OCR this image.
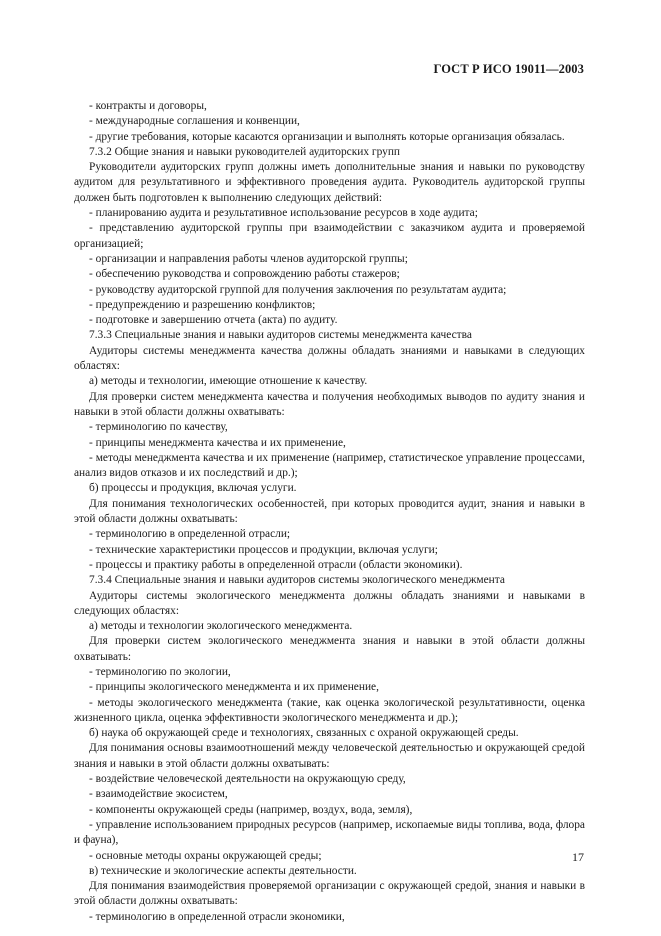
ГОСТ Р ИСО 19011—2003

- контракты и договоры,

- международные соглашения и конвенции,

- другие требования, которые касаются организации и выполнять которые организация обязалась.

7.3.2 Общие знания и навыки руководителей аудиторских групп

Руководители аудиторских групп должны иметь дополнительные знания и навыки по руководству аудитом для результативного и эффективного проведения аудита. Руководитель аудиторской группы должен быть подготовлен к выполнению следующих действий:

- планированию аудита и результативное использование ресурсов в ходе аудита;

- представлению аудиторской группы при взаимодействии с заказчиком аудита и проверяемой организацией;

- организации и направления работы членов аудиторской группы;

- обеспечению руководства и сопровождению работы стажеров;

- руководству аудиторской группой для получения заключения по результатам аудита;

- предупреждению и разрешению конфликтов;

- подготовке и завершению отчета (акта) по аудиту.

7.3.3 Специальные знания и навыки аудиторов системы менеджмента качества

Аудиторы системы менеджмента качества должны обладать знаниями и навыками в следующих областях:

а) методы и технологии, имеющие отношение к качеству.

Для проверки систем менеджмента качества и получения необходимых выводов по аудиту знания и навыки в этой области должны охватывать:

- терминологию по качеству,

- принципы менеджмента качества и их применение,

- методы менеджмента качества и их применение (например, статистическое управление процессами, анализ видов отказов и их последствий и др.);

б) процессы и продукция, включая услуги.

Для понимания технологических особенностей, при которых проводится аудит, знания и навыки в этой области должны охватывать:

- терминологию в определенной отрасли;

- технические характеристики процессов и продукции, включая услуги;

- процессы и практику работы в определенной отрасли (области экономики).

7.3.4 Специальные знания и навыки аудиторов системы экологического менеджмента

Аудиторы системы экологического менеджмента должны обладать знаниями и навыками в следующих областях:

а) методы и технологии экологического менеджмента.

Для проверки систем экологического менеджмента знания и навыки в этой области должны охватывать:

- терминологию по экологии,

- принципы экологического менеджмента и их применение,

- методы экологического менеджмента (такие, как оценка экологической результативности, оценка жизненного цикла, оценка эффективности экологического менеджмента и др.);

б) наука об окружающей среде и технологиях, связанных с охраной окружающей среды.

Для понимания основы взаимоотношений между человеческой деятельностью и окружающей средой знания и навыки в этой области должны охватывать:

- воздействие человеческой деятельности на окружающую среду,

- взаимодействие экосистем,

- компоненты окружающей среды (например, воздух, вода, земля),

- управление использованием природных ресурсов (например, ископаемые виды топлива, вода, флора и фауна),

- основные методы охраны окружающей среды;

в) технические и экологические аспекты деятельности.

Для понимания взаимодействия проверяемой организации с окружающей средой, знания и навыки в этой области должны охватывать:

- терминологию в определенной отрасли экономики,

17
